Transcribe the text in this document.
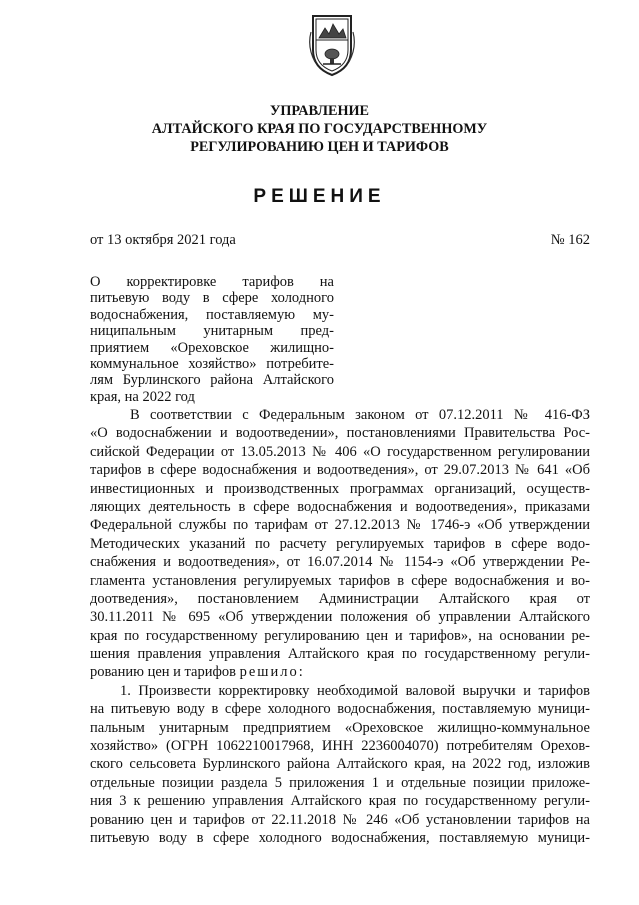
УПРАВЛЕНИЕ
АЛТАЙСКОГО КРАЯ ПО ГОСУДАРСТВЕННОМУ
РЕГУЛИРОВАНИЮ ЦЕН И ТАРИФОВ
РЕШЕНИЕ
от 13 октября 2021 года	№ 162
О корректировке тарифов на
питьевую воду в сфере холодного
водоснабжения, поставляемую му-
ниципальным унитарным пред-
приятием «Ореховское жилищно-
коммунальное хозяйство» потребите-
лям Бурлинского района Алтайского
края, на 2022 год
В соответствии с Федеральным законом от 07.12.2011 № 416-ФЗ
«О водоснабжении и водоотведении», постановлениями Правительства Рос-
сийской Федерации от 13.05.2013 № 406 «О государственном регулировании
тарифов в сфере водоснабжения и водоотведения», от 29.07.2013 № 641 «Об
инвестиционных и производственных программах организаций, осуществ-
ляющих деятельность в сфере водоснабжения и водоотведения», приказами
Федеральной службы по тарифам от 27.12.2013 № 1746-э «Об утверждении
Методических указаний по расчету регулируемых тарифов в сфере водо-
снабжения и водоотведения», от 16.07.2014 № 1154-э «Об утверждении Ре-
гламента установления регулируемых тарифов в сфере водоснабжения и во-
доотведения», постановлением Администрации Алтайского края от
30.11.2011 № 695 «Об утверждении положения об управлении Алтайского
края по государственному регулированию цен и тарифов», на основании ре-
шения правления управления Алтайского края по государственному регули-
рованию цен и тарифов решило:
1. Произвести корректировку необходимой валовой выручки и тарифов
на питьевую воду в сфере холодного водоснабжения, поставляемую муници-
пальным унитарным предприятием «Ореховское жилищно-коммунальное
хозяйство» (ОГРН 1062210017968, ИНН 2236004070) потребителям Орехов-
ского сельсовета Бурлинского района Алтайского края, на 2022 год, изложив
отдельные позиции раздела 5 приложения 1 и отдельные позиции приложе-
ния 3 к решению управления Алтайского края по государственному регули-
рованию цен и тарифов от 22.11.2018 № 246 «Об установлении тарифов на
питьевую воду в сфере холодного водоснабжения, поставляемую муници-
